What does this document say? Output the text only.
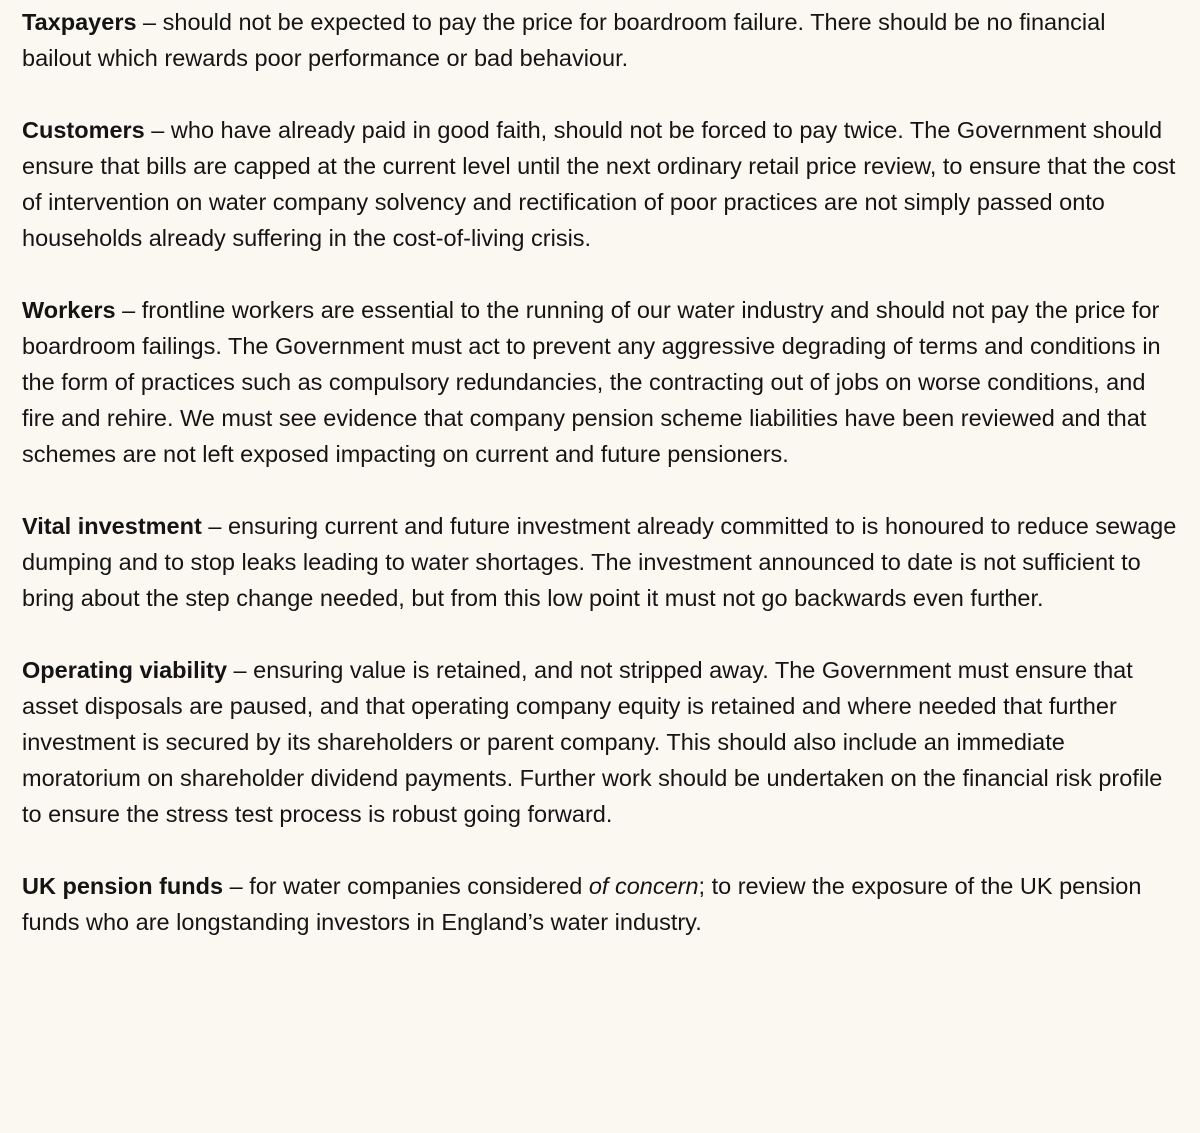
Taxpayers – should not be expected to pay the price for boardroom failure. There should be no financial bailout which rewards poor performance or bad behaviour.

Customers – who have already paid in good faith, should not be forced to pay twice. The Government should ensure that bills are capped at the current level until the next ordinary retail price review, to ensure that the cost of intervention on water company solvency and rectification of poor practices are not simply passed onto households already suffering in the cost-of-living crisis.

Workers – frontline workers are essential to the running of our water industry and should not pay the price for boardroom failings. The Government must act to prevent any aggressive degrading of terms and conditions in the form of practices such as compulsory redundancies, the contracting out of jobs on worse conditions, and fire and rehire. We must see evidence that company pension scheme liabilities have been reviewed and that schemes are not left exposed impacting on current and future pensioners.

Vital investment – ensuring current and future investment already committed to is honoured to reduce sewage dumping and to stop leaks leading to water shortages. The investment announced to date is not sufficient to bring about the step change needed, but from this low point it must not go backwards even further.

Operating viability – ensuring value is retained, and not stripped away. The Government must ensure that asset disposals are paused, and that operating company equity is retained and where needed that further investment is secured by its shareholders or parent company. This should also include an immediate moratorium on shareholder dividend payments. Further work should be undertaken on the financial risk profile to ensure the stress test process is robust going forward.

UK pension funds – for water companies considered of concern; to review the exposure of the UK pension funds who are longstanding investors in England’s water industry.
